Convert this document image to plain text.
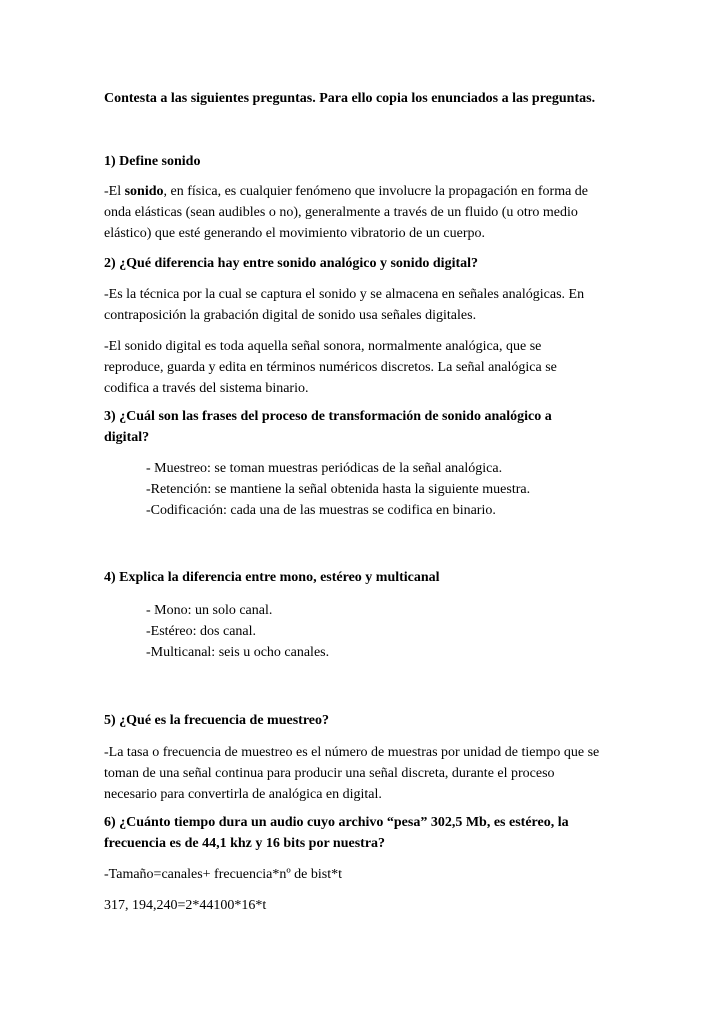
Contesta a las siguientes preguntas. Para ello copia los enunciados a las preguntas.

1) Define sonido

-El sonido, en física, es cualquier fenómeno que involucre la propagación en forma de
onda elásticas (sean audibles o no), generalmente a través de un fluido (u otro medio
elástico) que esté generando el movimiento vibratorio de un cuerpo.

2) ¿Qué diferencia hay entre sonido analógico y sonido digital?

-Es la técnica por la cual se captura el sonido y se almacena en señales analógicas. En
contraposición la grabación digital de sonido usa señales digitales.
-El sonido digital es toda aquella señal sonora, normalmente analógica, que se
reproduce, guarda y edita en términos numéricos discretos. La señal analógica se
codifica a través del sistema binario.
3) ¿Cuál son las frases del proceso de transformación de sonido analógico a
digital?
- Muestreo: se toman muestras periódicas de la señal analógica.
-Retención: se mantiene la señal obtenida hasta la siguiente muestra.
-Codificación: cada una de las muestras se codifica en binario.

4) Explica la diferencia entre mono, estéreo y multicanal

- Mono: un solo canal.
-Estéreo: dos canal.
-Multicanal: seis u ocho canales.

5) ¿Qué es la frecuencia de muestreo?

-La tasa o frecuencia de muestreo es el número de muestras por unidad de tiempo que se
toman de una señal continua para producir una señal discreta, durante el proceso
necesario para convertirla de analógica en digital.
6) ¿Cuánto tiempo dura un audio cuyo archivo “pesa” 302,5 Mb, es estéreo, la
frecuencia es de 44,1 khz y 16 bits por nuestra?

-Tamaño=canales+ frecuencia*nº de bist*t

317, 194,240=2*44100*16*t
